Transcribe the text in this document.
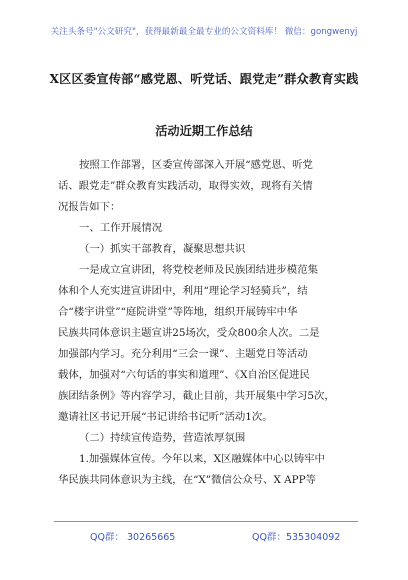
关注头条号"公文研究"，获得最新最全最专业的公文资料库！ 微信：gongwenyj
X区区委宣传部“感党恩、听党话、跟党走”群众教育实践
活动近期工作总结
按照工作部署，区委宣传部深入开展“感党恩、听党
话、跟党走”群众教育实践活动，取得实效，现将有关情
况报告如下：
一、工作开展情况
（一）抓实干部教育，凝聚思想共识
一是成立宣讲团，将党校老师及民族团结进步模范集
体和个人充实进宣讲团中，利用“理论学习轻骑兵”，结
合“楼宇讲堂”“庭院讲堂”等阵地，组织开展铸牢中华
民族共同体意识主题宣讲25场次，受众800余人次。二是
加强部内学习。充分利用“三会一课”、主题党日等活动
载体，加强对“六句话的事实和道理”、《X自治区促进民
族团结条例》等内容学习，截止目前，共开展集中学习5次，
邀请社区书记开展“书记讲给书记听”活动1次。
（二）持续宣传造势，营造浓厚氛围
1.加强媒体宣传。今年以来，X区融媒体中心以铸牢中
华民族共同体意识为主线，在“X”微信公众号、X APP等
QQ群： 30265665	QQ群：535304092
